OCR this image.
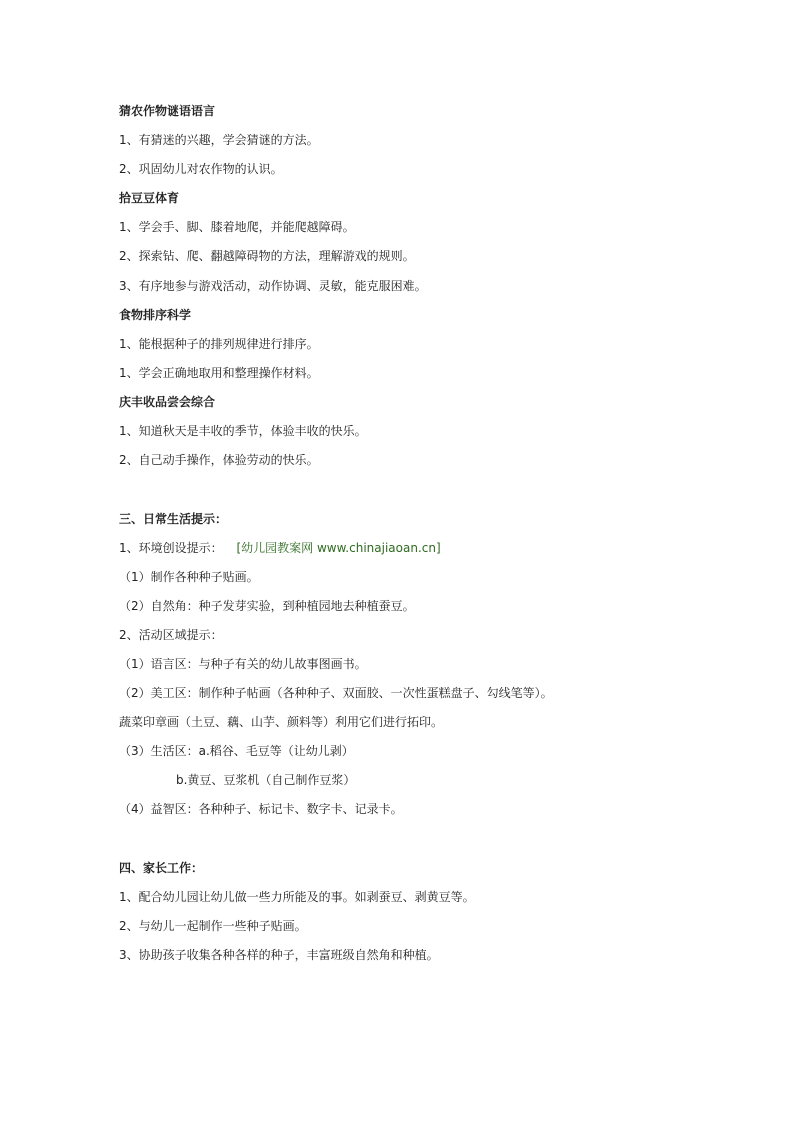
猜农作物谜语语言
1、有猜迷的兴趣，学会猜谜的方法。
2、巩固幼儿对农作物的认识。
拾豆豆体育
1、学会手、脚、膝着地爬，并能爬越障碍。
2、探索钻、爬、翻越障碍物的方法，理解游戏的规则。
3、有序地参与游戏活动，动作协调、灵敏，能克服困难。
食物排序科学
1、能根据种子的排列规律进行排序。
1、学会正确地取用和整理操作材料。
庆丰收品尝会综合
1、知道秋天是丰收的季节，体验丰收的快乐。
2、自己动手操作，体验劳动的快乐。
三、日常生活提示：
1、环境创设提示： [幼儿园教案网 www.chinajiaoan.cn]
（1）制作各种种子贴画。
（2）自然角：种子发芽实验，到种植园地去种植蚕豆。
2、活动区域提示：
（1）语言区：与种子有关的幼儿故事图画书。
（2）美工区：制作种子帖画（各种种子、双面胶、一次性蛋糕盘子、勾线笔等）。
蔬菜印章画（土豆、藕、山芋、颜料等）利用它们进行拓印。
（3）生活区：a.稻谷、毛豆等（让幼儿剥）
b.黄豆、豆浆机（自己制作豆浆）
（4）益智区：各种种子、标记卡、数字卡、记录卡。
四、家长工作：
1、配合幼儿园让幼儿做一些力所能及的事。如剥蚕豆、剥黄豆等。
2、与幼儿一起制作一些种子贴画。
3、协助孩子收集各种各样的种子，丰富班级自然角和种植。
